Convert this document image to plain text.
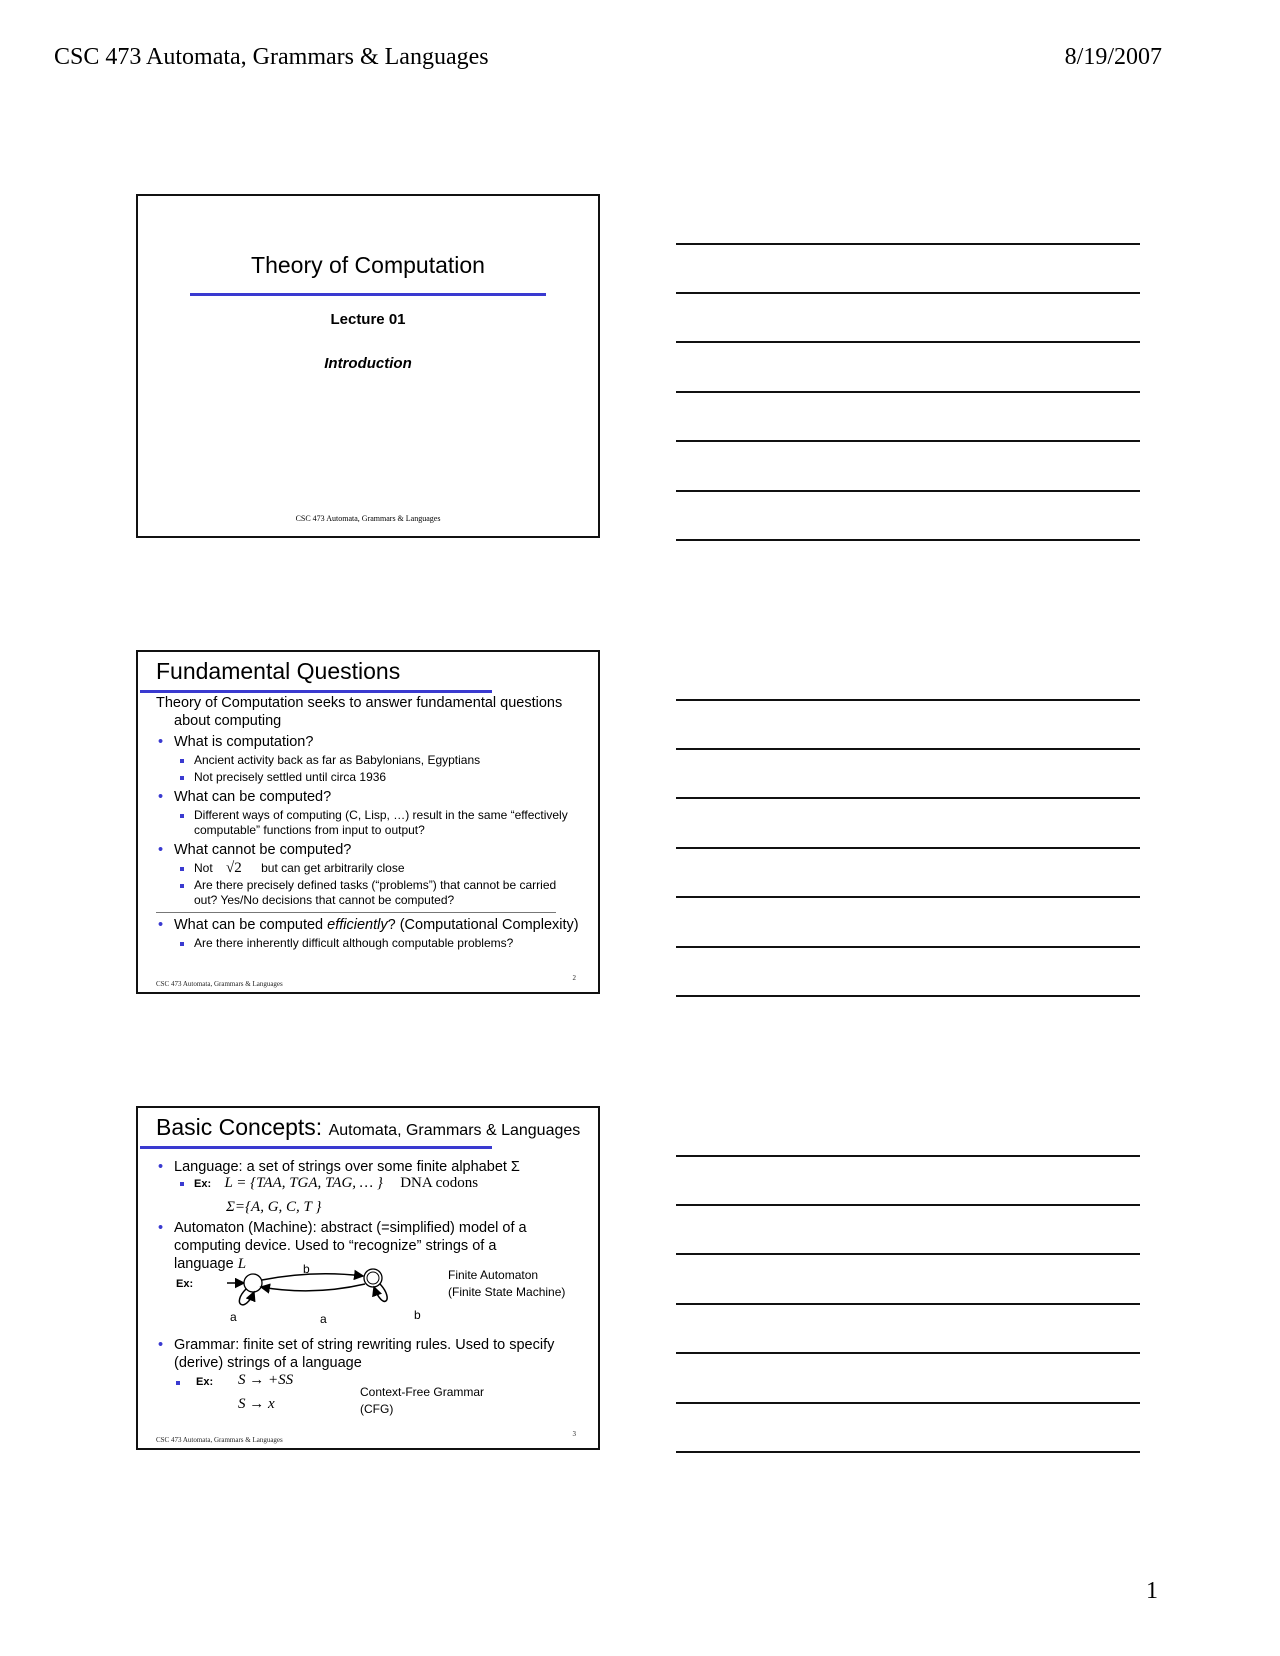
CSC 473 Automata, Grammars & Languages	8/19/2007
Theory of Computation
Lecture 01
Introduction
CSC 473 Automata, Grammars & Languages
Fundamental Questions
Theory of Computation seeks to answer fundamental questions about computing
• What is computation?
Ancient activity back as far as Babylonians, Egyptians
Not precisely settled until circa 1936
• What can be computed?
Different ways of computing (C, Lisp, …) result in the same “effectively computable” functions from input to output?
• What cannot be computed?
Not √2 but can get arbitrarily close
Are there precisely defined tasks (“problems”) that cannot be carried out? Yes/No decisions that cannot be computed?
• What can be computed efficiently? (Computational Complexity)
Are there inherently difficult although computable problems?
CSC 473 Automata, Grammars & Languages
2
Basic Concepts: Automata, Grammars & Languages
• Language: a set of strings over some finite alphabet Σ
Ex: L = {TAA, TGA, TAG, … } DNA codons
Σ={A, G, C, T }
• Automaton (Machine): abstract (=simplified) model of a computing device. Used to “recognize” strings of a language L
Ex:
b
a	a	b
Finite Automaton
(Finite State Machine)
• Grammar: finite set of string rewriting rules. Used to specify (derive) strings of a language
Ex: S → +SS
S → x
Context-Free Grammar
(CFG)
CSC 473 Automata, Grammars & Languages
3
1
